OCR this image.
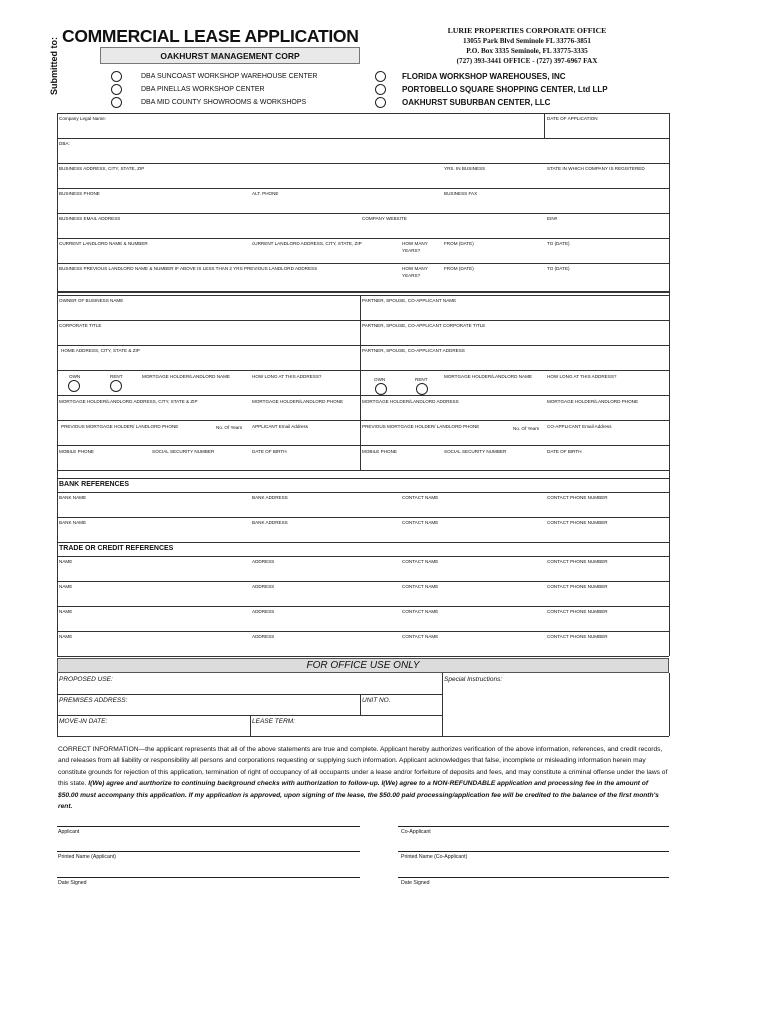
COMMERCIAL LEASE APPLICATION
Submitted to:	OAKHURST MANAGEMENT CORP
LURIE PROPERTIES CORPORATE OFFICE
13055 Park Blvd Seminole FL 33776-3851
P.O. Box 3335 Seminole, FL 33775-3335
(727) 393-3441 OFFICE - (727) 397-6967 FAX
DBA SUNCOAST WORKSHOP WAREHOUSE CENTER
DBA PINELLAS WORKSHOP CENTER
DBA MID COUNTY SHOWROOMS & WORKSHOPS
FLORIDA WORKSHOP WAREHOUSES, INC
PORTOBELLO SQUARE SHOPPING CENTER, Ltd LLP
OAKHURST SUBURBAN CENTER, LLC
Company Legal Name:	DATE OF APPLICATION
DBA:
BUSINESS ADDRESS, CITY, STATE, ZIP	YRS. IN BUSINESS	STATE IN WHICH COMPANY IS REGISTERED
BUSINESS PHONE	ALT. PHONE	BUSINESS FAX
BUSINESS EMAIL ADDRESS	COMPANY WEBSITE	EIN#
CURRENT LANDLORD NAME & NUMBER	cURRENT LANDLORD ADDRESS, CITY, STATE, ZIP	HOW MANY
YEARS?
FROM (DATE)	TO (DATE)
BUSINESS PREVIOUS LANDLORD NAME & NUMBER IF ABOVE IS LESS THAN 2 YRS PREVIOUS LANDLORD ADDRESS	HOW MANY
YEARS?
FROM (DATE)	TO (DATE)
OWNER OF BUSINESS NAME	PARTNER, SPOUSE, CO-APPLICANT NAME
CORPORATE TITLE	PARTNER, SPOUSE, CO-APPLICANT CORPORATE TITLE
HOME ADDRESS, CITY, STATE & ZIP	PARTNER, SPOUSE, CO-APPLICANT ADDRESS
OWN	RENT	MORTGAGE HOLDER/LANDLORD NAME	HOW LONG AT THIS ADDRESS?
OWN	RENT
MORTGAGE HOLDER/LANDLORD NAME	HOW LONG AT THIS ADDRESS?
MORTGAGE HOLDER/LANDLORD ADDRESS, CITY, STATE & ZIP	MORTGAGE HOLDER/LANDLORD PHONE	MORTGAGE HOLDER/LANDLORD ADDRESS	MORTGAGE HOLDER/LANDLORD PHONE
PREVIOUS MORTGAGE HOLDER/ LANDLORD PHONE	No. Of Years APPLICANT Email Address	PREVIOUS MORTGAGE HOLDER/ LANDLORD PHONE	No. Of Years CO-APPLICANT Email Address
MOBILE PHONE	SOCIAL SECURITY NUMBER	DATE OF BIRTH	MOBILE PHONE	SOCIAL SECURITY NUMBER	DATE OF BIRTH
BANK REFERENCES
BANK NAME	BANK ADDRESS	CONTACT NAME	CONTACT PHONE NUMBER
BANK NAME	BANK ADDRESS	CONTACT NAME	CONTACT PHONE NUMBER
TRADE OR CREDIT REFERENCES
NAME	ADDRESS	CONTACT NAME	CONTACT PHONE NUMBER
NAME	ADDRESS	CONTACT NAME	CONTACT PHONE NUMBER
NAME	ADDRESS	CONTACT NAME	CONTACT PHONE NUMBER
NAME	ADDRESS	CONTACT NAME	CONTACT PHONE NUMBER
FOR OFFICE USE ONLY
PROPOSED USE:	Special Instructions:
PREMISES ADDRESS:	UNIT NO.
MOVE-IN DATE:	LEASE TERM:
CORRECT INFORMATION—the applicant represents that all of the above statements are true and complete. Applicant hereby authorizes verification of the above information, references, and credit records, and releases from all liability or responsibility all persons and corporations requesting or supplying such information. Applicant acknowledges that false, incomplete or misleading information herein may constitute grounds for rejection of this application, termination of right of occupancy of all occupants under a lease and/or forfeiture of deposits and fees, and may constitute a criminal offense under the laws of this state. I(We) agree and aurthorize to continuing background checks with authorization to follow-up. I(We) agree to a NON-REFUNDABLE application and processing fee in the amount of $50.00 must accompany this application. If my application is approved, upon signing of the lease, the $50.00 paid processing/application fee will be credited to the balance of the first month's rent.
Applicant	Co-Applicant
Printed Name (Applicant)	Printed Name (Co-Applicant)
Date Signed	Date Signed
